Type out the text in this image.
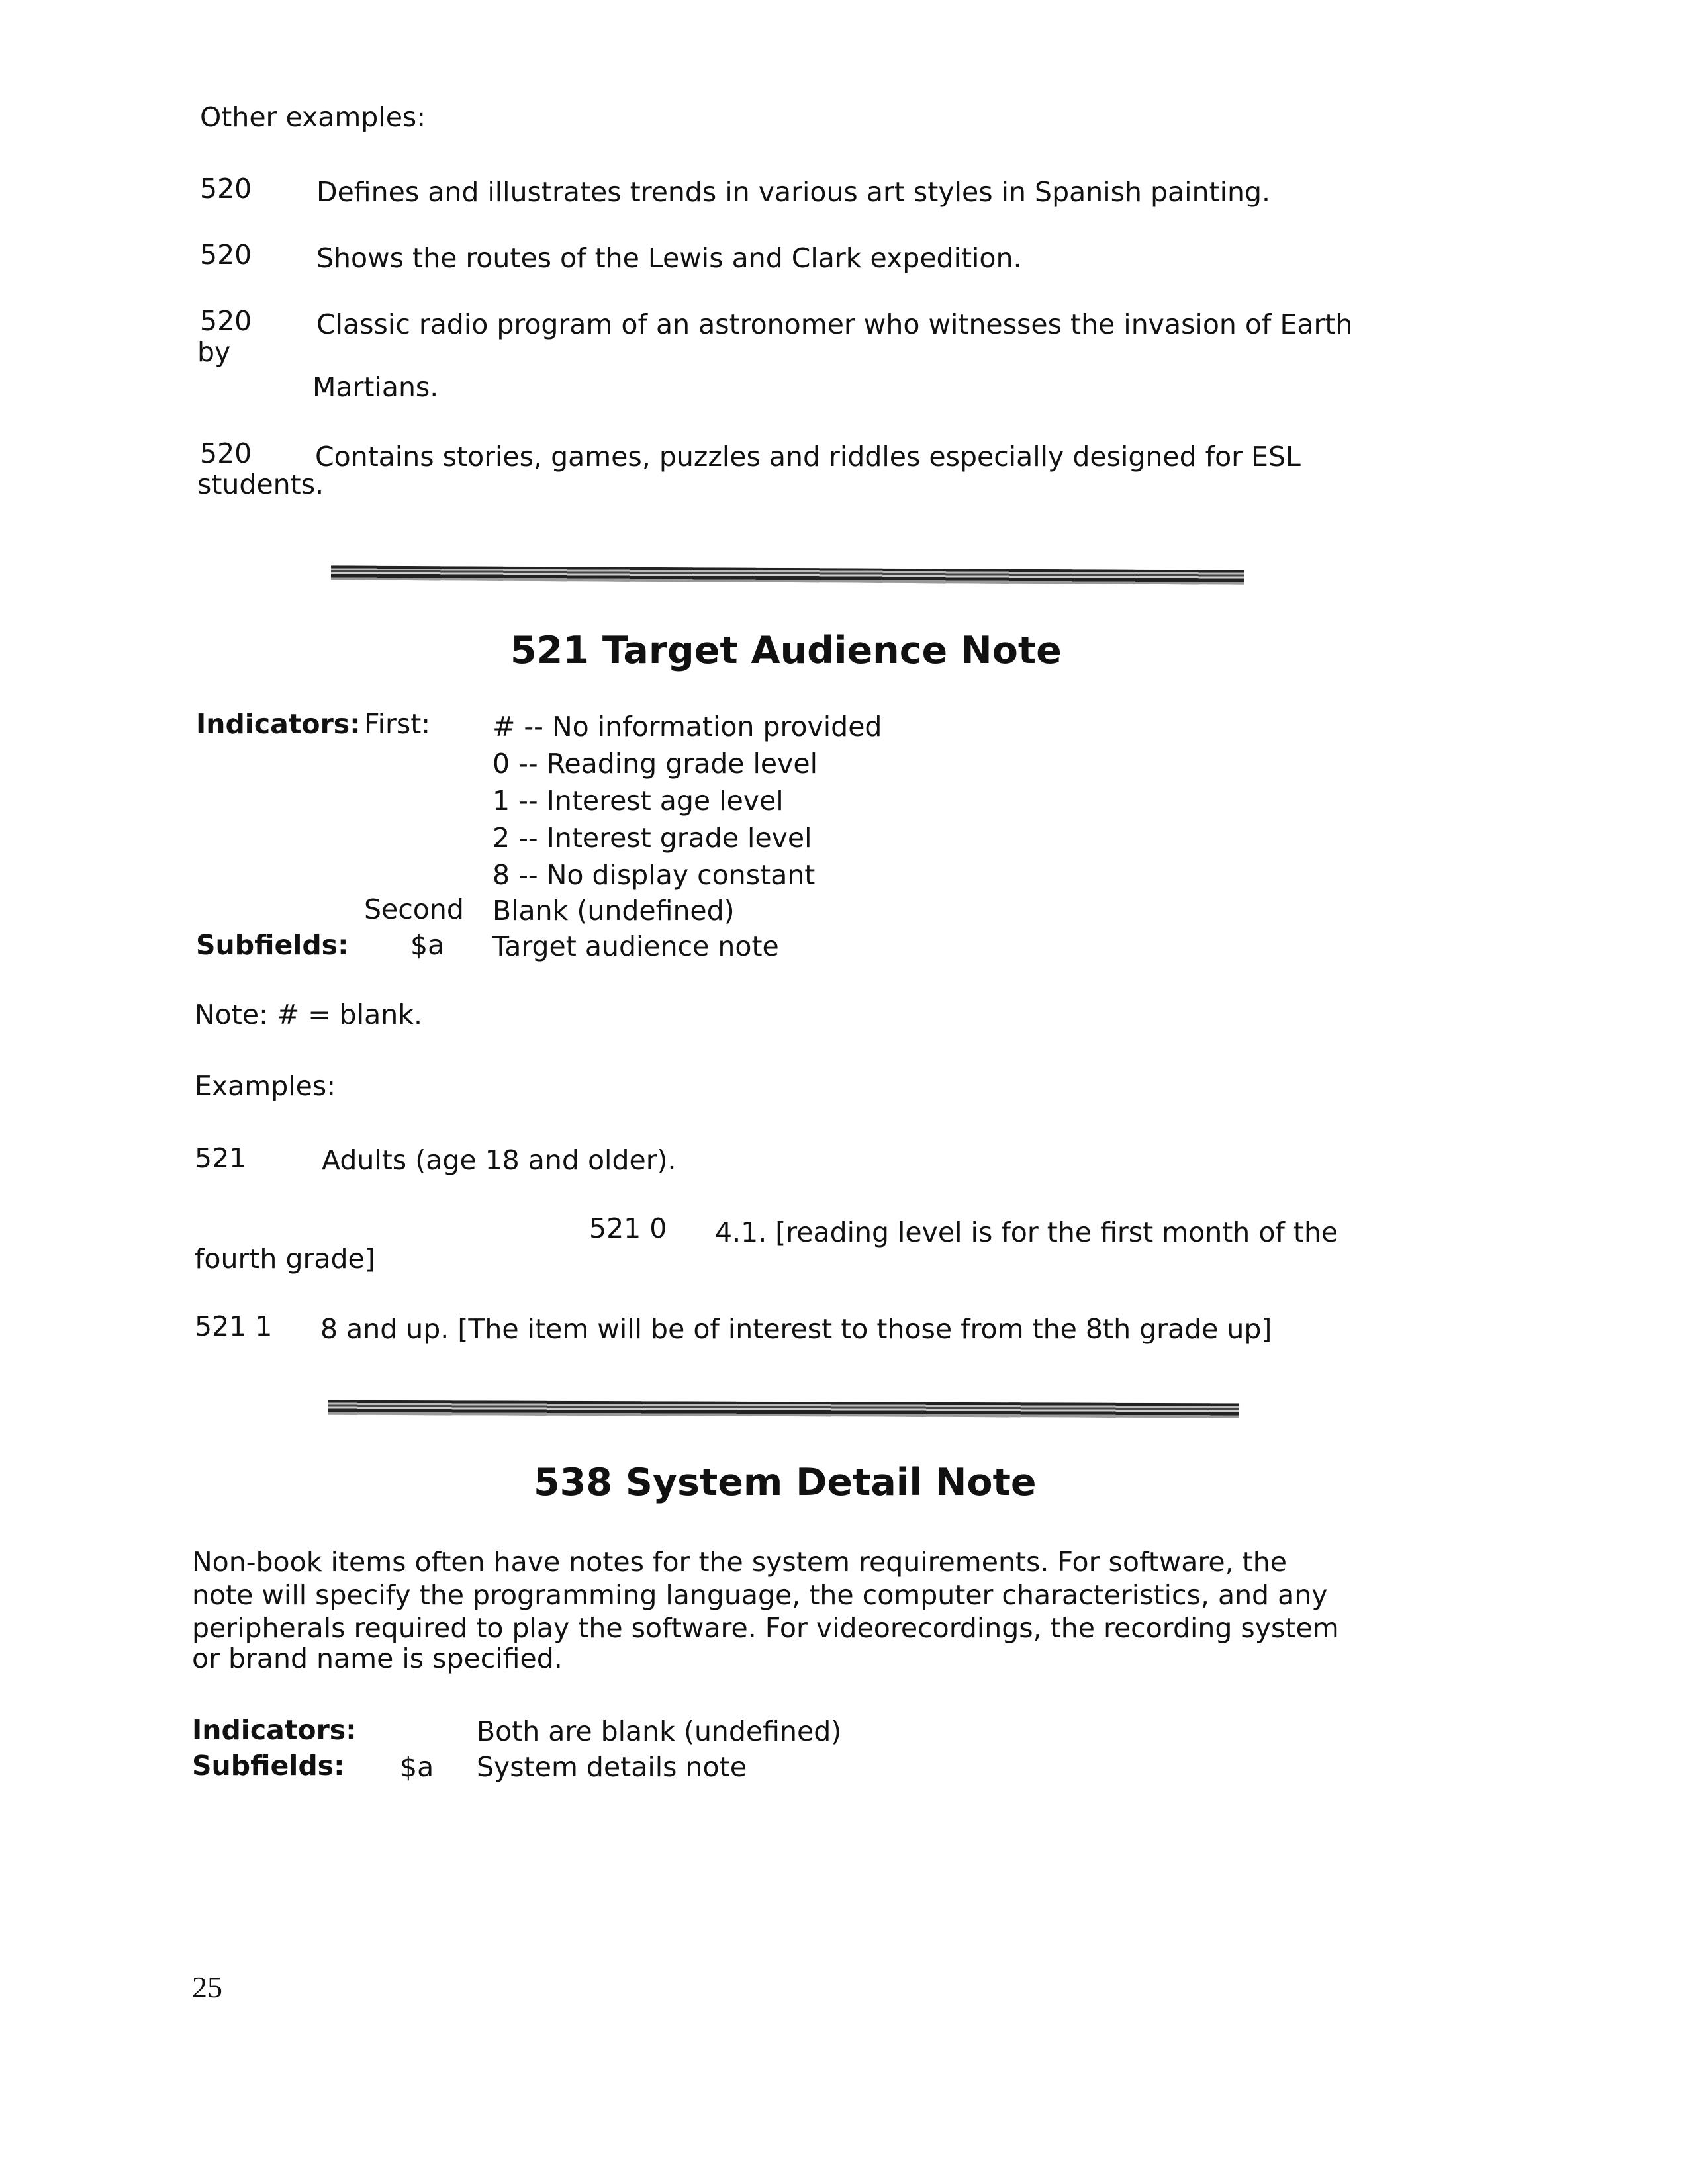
Other examples:
520 Defines and illustrates trends in various art styles in Spanish painting.
520 Shows the routes of the Lewis and Clark expedition.
520 Classic radio program of an astronomer who witnesses the invasion of Earth
by
Martians.
520 Contains stories, games, puzzles and riddles especially designed for ESL
students.
521 Target Audience Note
Indicators: First: # -- No information provided
0 -- Reading grade level
1 -- Interest age level
2 -- Interest grade level
8 -- No display constant
Second Blank (undefined)
Subfields: $a Target audience note
Note: # = blank.
Examples:
521	Adults (age 18 and older).
521 0 4.1. [reading level is for the first month of the
fourth grade]
521 1 8 and up. [The item will be of interest to those from the 8th grade up]
538 System Detail Note
Non-book items often have notes for the system requirements. For software, the
note will specify the programming language, the computer characteristics, and any
peripherals required to play the software. For videorecordings, the recording system
or brand name is specified.
Indicators:	Both are blank (undefined)
Subfields: $a System details note
25
